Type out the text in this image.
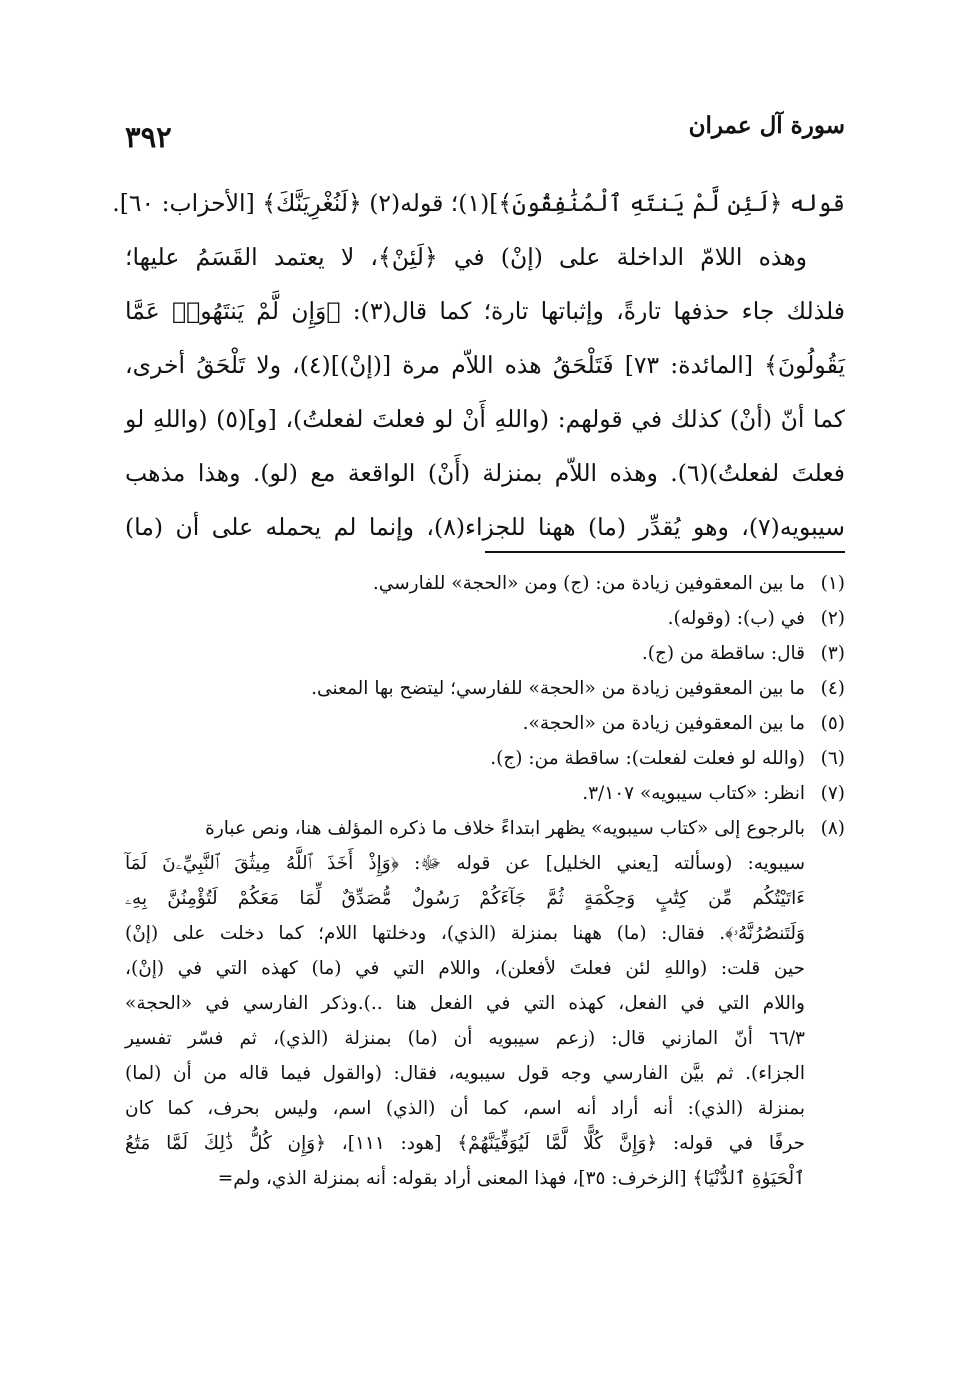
سورة آل عمران
٣٩٢
قوله ﴿لَئِن لَّمْ يَنتَهِ ٱلْمُنَٰفِقُونَ﴾](١)؛ قوله(٢) ﴿لَنُغْرِيَنَّكَ﴾ [الأحزاب: ٦٠].
وهذه اللامّ الداخلة على (إنْ) في ﴿لَئِنْ﴾، لا يعتمد القَسَمُ عليها؛
فلذلك جاء حذفها تارةً، وإثباتها تارة؛ كما قال(٣): ﴿وَإِن لَّمْ يَنتَهُوا۟ عَمَّا
يَقُولُونَ﴾ [المائدة: ٧٣] فَتَلْحَقُ هذه اللاّم مرة [(إنْ)](٤)، ولا تَلْحَقُ أخرى،
كما أنّ (أنْ) كذلك في قولهم: (واللهِ أَنْ لو فعلتَ لفعلتُ)، [و](٥) (واللهِ لو
فعلتَ لفعلتُ)(٦). وهذه اللاّم بمنزلة (أَنْ) الواقعة مع (لو). وهذا مذهب
سيبويه(٧)، وهو يُقدِّر (ما) ههنا للجزاء(٨)، وإنما لم يحمله على أن (ما)
(١)
ما بين المعقوفين زيادة من: (ج) ومن «الحجة» للفارسي.
(٢)
في (ب): (وقوله).
(٣)
قال: ساقطة من (ج).
(٤)
ما بين المعقوفين زيادة من «الحجة» للفارسي؛ ليتضح بها المعنى.
(٥)
ما بين المعقوفين زيادة من «الحجة».
(٦)
(والله لو فعلت لفعلت): ساقطة من: (ج).
(٧)
انظر: «كتاب سيبويه» ٣/١٠٧.
(٨)
بالرجوع إلى «كتاب سيبويه» يظهر ابتداءً خلاف ما ذكره المؤلف هنا، ونص عبارة
سيبويه: (وسألته [يعني الخليل] عن قوله ﷻ: ﴿وَإِذْ أَخَذَ ٱللَّهُ مِيثَٰقَ ٱلنَّبِيِّۦنَ لَمَآ
ءَاتَيْتُكُم مِّن كِتَٰبٍ وَحِكْمَةٍ ثُمَّ جَآءَكُمْ رَسُولٌ مُّصَدِّقٌ لِّمَا مَعَكُمْ لَتُؤْمِنُنَّ بِهِۦ
وَلَتَنصُرُنَّهُۥ﴾. فقال: (ما) ههنا بمنزلة (الذي)، ودخلتها اللام؛ كما دخلت على (إنْ)
حين قلت: (واللهِ لئن فعلتَ لأفعلن)، واللام التي في (ما) كهذه التي في (إنْ)،
واللام التي في الفعل، كهذه التي في الفعل هنا ..).وذكر الفارسي في «الحجة»
٦٦/٣ أنّ المازني قال: (زعم سيبويه أن (ما) بمنزلة (الذي)، ثم فسّر تفسير
الجزاء). ثم بيَّن الفارسي وجه قول سيبويه، فقال: (والقول فيما قاله من أن (لما)
بمنزلة (الذي): أنه أراد أنه اسم، كما أن (الذي) اسم، وليس بحرف، كما كان
حرفًا في قوله: ﴿وَإِنَّ كُلًّا لَّمَّا لَيُوَفِّيَنَّهُمْ﴾ [هود: ١١١]، ﴿وَإِن كُلُّ ذَٰلِكَ لَمَّا مَتَٰعُ
ٱلْحَيَوٰةِ ٱلدُّنْيَا﴾ [الزخرف: ٣٥]، فهذا المعنى أراد بقوله: أنه بمنزلة الذي، ولم=
